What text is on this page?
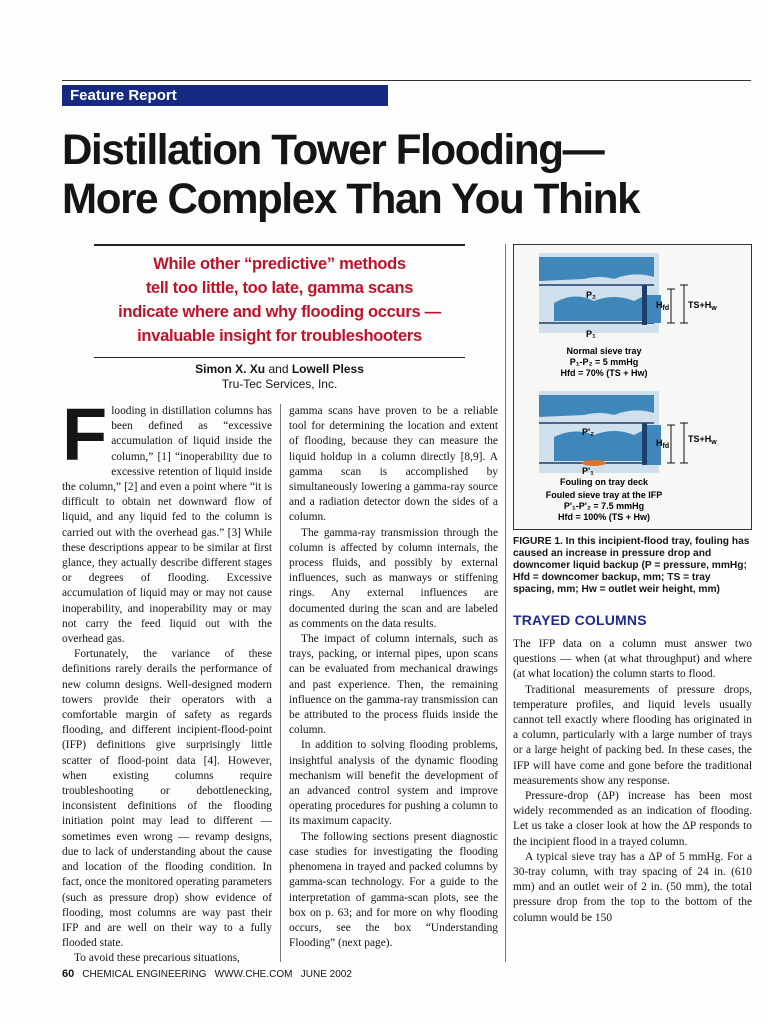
Feature Report
Distillation Tower Flooding—
More Complex Than You Think

While other “predictive” methods
tell too little, too late, gamma scans
indicate where and why flooding occurs —
invaluable insight for troubleshooters

Simon X. Xu and Lowell Pless
Tru-Tec Services, Inc.

Flooding in distillation columns has been defined as “excessive accumulation of liquid inside the column,” [1] “inoperability due to excessive retention of liquid inside the column,” [2] and even a point where “it is difficult to obtain net downward flow of liquid, and any liquid fed to the column is carried out with the overhead gas.” [3] While these descriptions appear to be similar at first glance, they actually describe different stages or degrees of flooding. Excessive accumulation of liquid may or may not cause inoperability, and inoperability may or may not carry the feed liquid out with the overhead gas.

Fortunately, the variance of these definitions rarely derails the performance of new column designs. Well-designed modern towers provide their operators with a comfortable margin of safety as regards flooding, and different incipient-flood-point (IFP) definitions give surprisingly little scatter of flood-point data [4]. However, when existing columns require troubleshooting or debottlenecking, inconsistent definitions of the flooding initiation point may lead to different — sometimes even wrong — revamp designs, due to lack of understanding about the cause and location of the flooding condition. In fact, once the monitored operating parameters (such as pressure drop) show evidence of flooding, most columns are way past their IFP and are well on their way to a fully flooded state.

To avoid these precarious situations,

gamma scans have proven to be a reliable tool for determining the location and extent of flooding, because they can measure the liquid holdup in a column directly [8,9]. A gamma scan is accomplished by simultaneously lowering a gamma-ray source and a radiation detector down the sides of a column.

The gamma-ray transmission through the column is affected by column internals, the process fluids, and possibly by external influences, such as manways or stiffening rings. Any external influences are documented during the scan and are labeled as comments on the data results.

The impact of column internals, such as trays, packing, or internal pipes, upon scans can be evaluated from mechanical drawings and past experience. Then, the remaining influence on the gamma-ray transmission can be attributed to the process fluids inside the column.

In addition to solving flooding problems, insightful analysis of the dynamic flooding mechanism will benefit the development of an advanced control system and improve operating procedures for pushing a column to its maximum capacity.

The following sections present diagnostic case studies for investigating the flooding phenomena in trayed and packed columns by gamma-scan technology. For a guide to the interpretation of gamma-scan plots, see the box on p. 63; and for more on why flooding occurs, see the box “Understanding Flooding” (next page).

P₂
P₁
$H_{fd}$ $TS+H_w$
Normal sieve tray
P₁-P₂ = 5 mmHg
Hfd = 70% (TS + Hw)
P'₂
P'₁
$H_{fd}$
$TS+H_w$
Fouling on tray deck
Fouled sieve tray at the IFP
P'₁-P'₂ = 7.5 mmHg
Hfd = 100% (TS + Hw)
FIGURE 1. In this incipient-flood tray, fouling has caused an increase in pressure drop and downcomer liquid backup (P = pressure, mmHg; Hfd = downcomer backup, mm; TS = tray spacing, mm; Hw = outlet weir height, mm)
TRAYED COLUMNS

The IFP data on a column must answer two questions — when (at what throughput) and where (at what location) the column starts to flood.

Traditional measurements of pressure drops, temperature profiles, and liquid levels usually cannot tell exactly where flooding has originated in a column, particularly with a large number of trays or a large height of packing bed. In these cases, the IFP will have come and gone before the traditional measurements show any response.

Pressure-drop (ΔP) increase has been most widely recommended as an indication of flooding. Let us take a closer look at how the ΔP responds to the incipient flood in a trayed column.

A typical sieve tray has a ΔP of 5 mmHg. For a 30-tray column, with tray spacing of 24 in. (610 mm) and an outlet weir of 2 in. (50 mm), the total pressure drop from the top to the bottom of the column would be 150

60 CHEMICAL ENGINEERING   WWW.CHE.COM   JUNE 2002
